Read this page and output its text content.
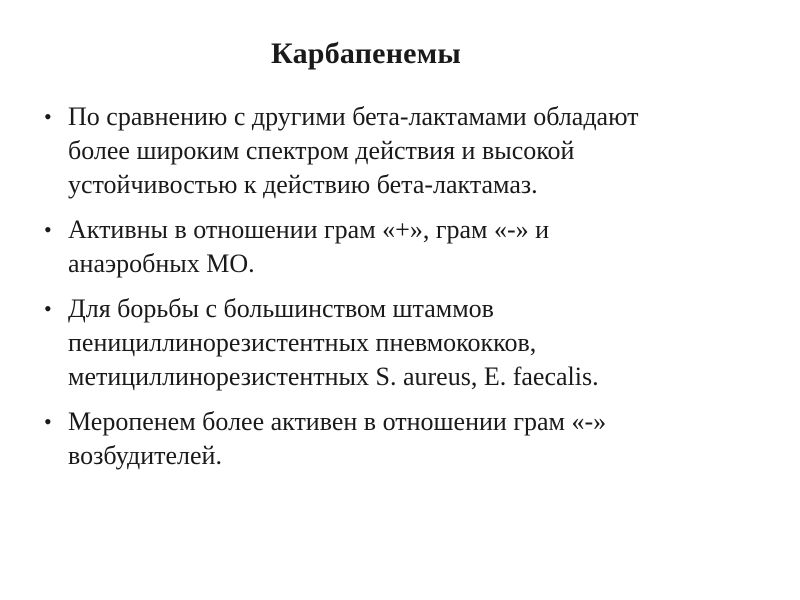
Карбапенемы
• По сравнению с другими бета-лактамами обладают
более широким спектром действия и высокой
устойчивостью к действию бета-лактамаз.
• Активны в отношении грам «+», грам «-» и
анаэробных МО.
• Для борьбы с большинством штаммов
пенициллинорезистентных пневмококков,
метициллинорезистентных S. aureus, E. faecalis.
• Меропенем более активен в отношении грам «-»
возбудителей.
